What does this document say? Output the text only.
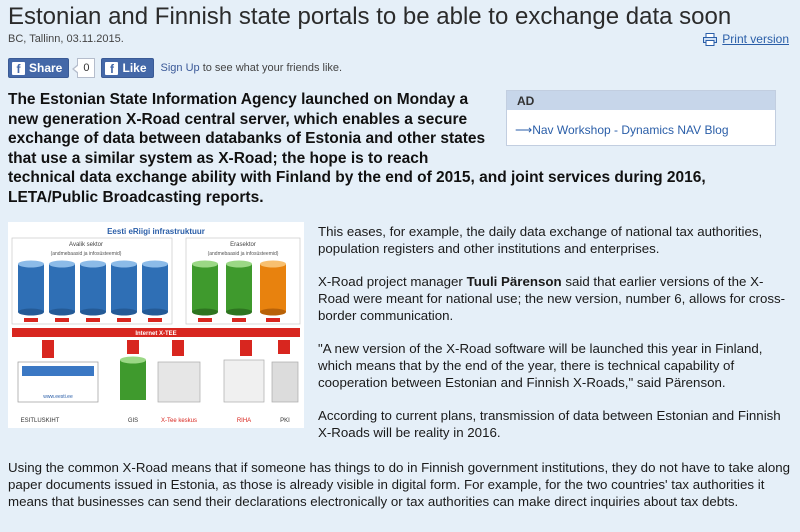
Estonian and Finnish state portals to be able to exchange data soon
BC, Tallinn, 03.11.2015.	Print version
f Share	0	f Like Sign Up to see what your friends like.
AD
⟶Nav Workshop - Dynamics NAV Blog
The Estonian State Information Agency launched on Monday a new generation X-Road central server, which enables a secure exchange of data between databanks of Estonia and other states that use a similar system as X-Road; the hope is to reach technical data exchange ability with Finland by the end of 2015, and joint services during 2016, LETA/Public Broadcasting reports.
Eesti eRiigi infrastruktuur
Avalik sektor
(andmebaasid ja infosüsteemid)
Erasektor
(andmebaasid ja infosüsteemid)
Internet X-TEE
www.eesti.ee
ESITLUSKIHT	GIS	X-Tee keskus	RIHA	PKI

This eases, for example, the daily data exchange of national tax authorities, population registers and other institutions and enterprises.

X-Road project manager Tuuli Pärenson said that earlier versions of the X-Road were meant for national use; the new version, number 6, allows for cross-border communication.

"A new version of the X-Road software will be launched this year in Finland, which means that by the end of the year, there is technical capability of cooperation between Estonian and Finnish X-Roads," said Pärenson.

According to current plans, transmission of data between Estonian and Finnish X-Roads will be reality in 2016.

Using the common X-Road means that if someone has things to do in Finnish government institutions, they do not have to take along paper documents issued in Estonia, as those is already visible in digital form. For example, for the two countries' tax authorities it means that businesses can send their declarations electronically or tax authorities can make direct inquiries about tax debts.
